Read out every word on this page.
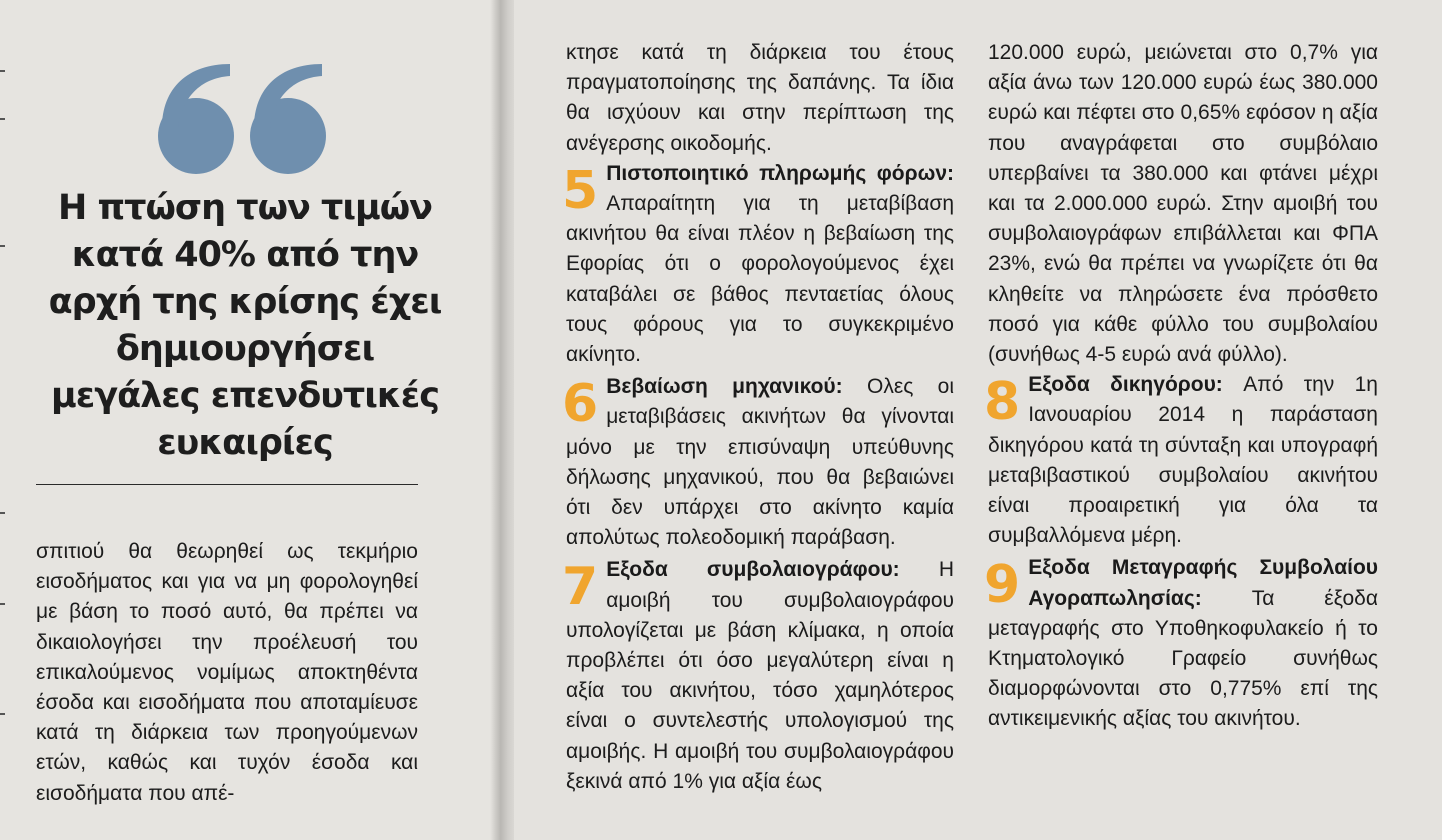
Η πτώση των τιμών κατά 40% από την αρχή της κρίσης έχει δημιουργήσει μεγάλες επενδυτικές ευκαιρίες

σπιτιού θα θεωρηθεί ως τεκμήριο εισοδήματος και για να μη φορολογηθεί με βάση το ποσό αυτό, θα πρέπει να δικαιολογήσει την προέλευσή του επικαλούμενος νομίμως αποκτηθέντα έσοδα και εισοδήματα που αποταμίευσε κατά τη διάρκεια των προηγούμενων ετών, καθώς και τυχόν έσοδα και εισοδήματα που απέ-

κτησε κατά τη διάρκεια του έτους πραγματοποίησης της δαπάνης. Τα ίδια θα ισχύουν και στην περίπτωση της ανέγερσης οικοδομής.

5 Πιστοποιητικό πληρωμής φόρων: Απαραίτητη για τη μεταβίβαση ακινήτου θα είναι πλέον η βεβαίωση της Εφορίας ότι ο φορολογούμενος έχει καταβάλει σε βάθος πενταετίας όλους τους φόρους για το συγκεκριμένο ακίνητο.
6 Βεβαίωση μηχανικού: Ολες οι μεταβιβάσεις ακινήτων θα γίνονται μόνο με την επισύναψη υπεύθυνης δήλωσης μηχανικού, που θα βεβαιώνει ότι δεν υπάρχει στο ακίνητο καμία απολύτως πολεοδομική παράβαση.
7 Εξοδα συμβολαιογράφου: Η αμοιβή του συμβολαιογράφου υπολογίζεται με βάση κλίμακα, η οποία προβλέπει ότι όσο μεγαλύτερη είναι η αξία του ακινήτου, τόσο χαμηλότερος είναι ο συντελεστής υπολογισμού της αμοιβής. Η αμοιβή του συμβολαιογράφου ξεκινά από 1% για αξία έως

120.000 ευρώ, μειώνεται στο 0,7% για αξία άνω των 120.000 ευρώ έως 380.000 ευρώ και πέφτει στο 0,65% εφόσον η αξία που αναγράφεται στο συμβόλαιο υπερβαίνει τα 380.000 και φτάνει μέχρι και τα 2.000.000 ευρώ. Στην αμοιβή του συμβολαιογράφων επιβάλλεται και ΦΠΑ 23%, ενώ θα πρέπει να γνωρίζετε ότι θα κληθείτε να πληρώσετε ένα πρόσθετο ποσό για κάθε φύλλο του συμβολαίου (συνήθως 4-5 ευρώ ανά φύλλο).

8 Εξοδα δικηγόρου: Από την 1η Ιανουαρίου 2014 η παράσταση δικηγόρου κατά τη σύνταξη και υπογραφή μεταβιβαστικού συμβολαίου ακινήτου είναι προαιρετική για όλα τα συμβαλλόμενα μέρη.
9 Εξοδα Μεταγραφής Συμβολαίου Αγοραπωλησίας: Τα έξοδα μεταγραφής στο Υποθηκοφυλακείο ή το Κτηματολογικό Γραφείο συνήθως διαμορφώνονται στο 0,775% επί της αντικειμενικής αξίας του ακινήτου.
